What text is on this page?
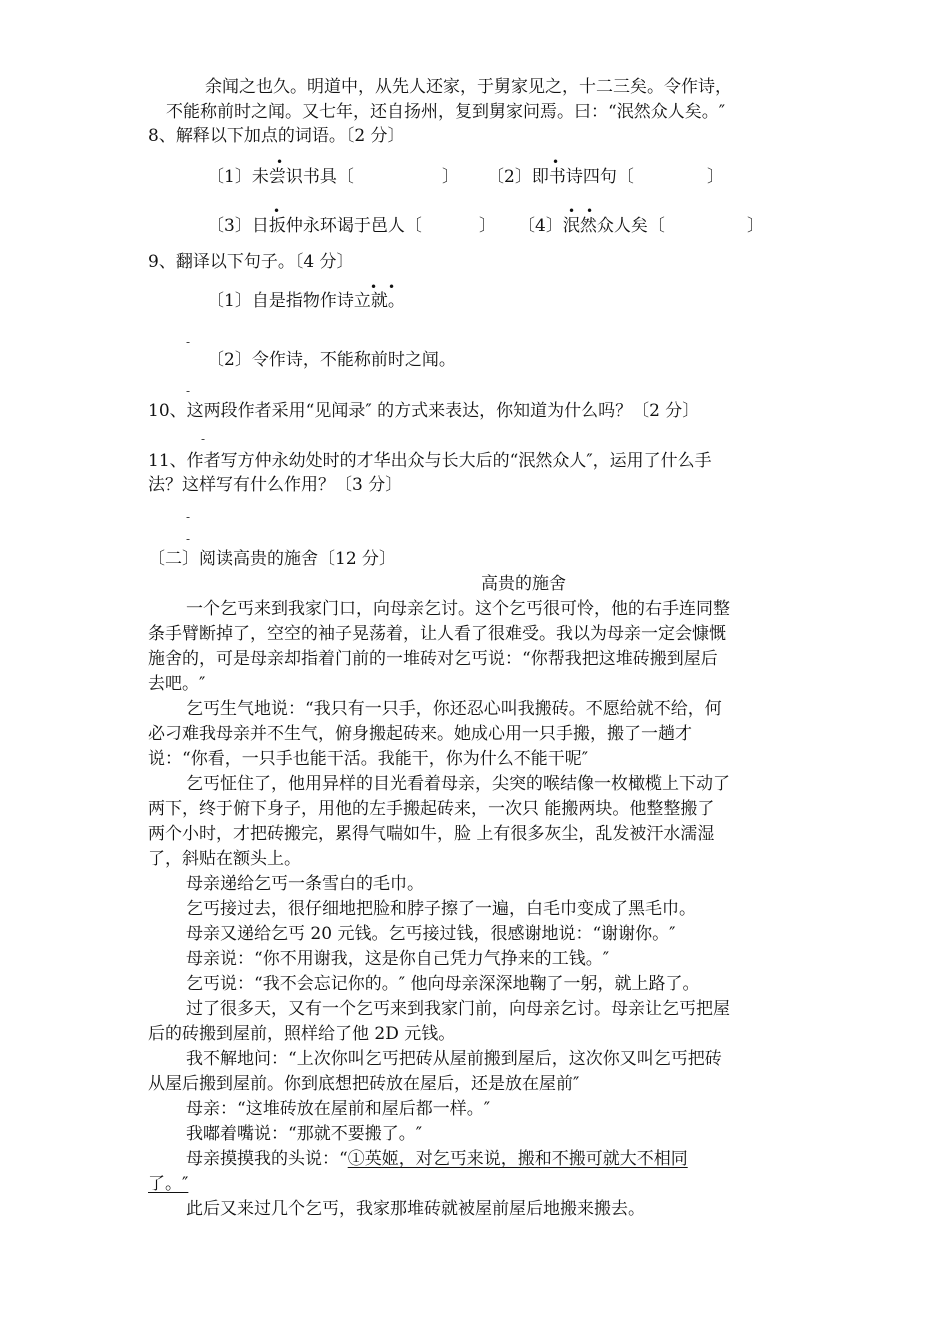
余闻之也久。明道中，从先人还家，于舅家见之，十二三矣。令作诗，
不能称前时之闻。又七年，还自扬州，复到舅家问焉。曰：“泯然众人矣。″
8、解释以下加点的词语。〔2 分〕
•	•
〔1〕未尝识书具〔	〕 〔2〕即书诗四句〔	〕
•	• •
〔3〕日扳仲永环谒于邑人〔	〕 〔4〕泯然众人矣〔	〕
9、翻译以下句子。〔4 分〕
• •
〔1〕自是指物作诗立就。
-
〔2〕令作诗，不能称前时之闻。
-
10、这两段作者采用“见闻录″ 的方式来表达，你知道为什么吗？〔2 分〕
-
11、作者写方仲永幼处时的才华出众与长大后的“泯然众人″，运用了什么手
法？这样写有什么作用？〔3 分〕
-
-
〔二〕阅读高贵的施舍〔12 分〕
高贵的施舍
一个乞丐来到我家门口，向母亲乞讨。这个乞丐很可怜，他的右手连同整
条手臂断掉了，空空的袖子晃荡着，让人看了很难受。我以为母亲一定会慷慨
施舍的，可是母亲却指着门前的一堆砖对乞丐说：“你帮我把这堆砖搬到屋后
去吧。″
乞丐生气地说：“我只有一只手，你还忍心叫我搬砖。不愿给就不给，何
必刁难我母亲并不生气，俯身搬起砖来。她成心用一只手搬，搬了一趟才
说：“你看，一只手也能干活。我能干，你为什么不能干呢″
乞丐怔住了，他用异样的目光看着母亲，尖突的喉结像一枚橄榄上下动了
两下，终于俯下身子，用他的左手搬起砖来，一次只 能搬两块。他整整搬了
两个小时，才把砖搬完，累得气喘如牛，脸 上有很多灰尘，乱发被汗水濡湿
了，斜贴在额头上。
母亲递给乞丐一条雪白的毛巾。
乞丐接过去，很仔细地把脸和脖子擦了一遍，白毛巾变成了黑毛巾。
母亲又递给乞丐 20 元钱。乞丐接过钱，很感谢地说：“谢谢你。″
母亲说：“你不用谢我，这是你自己凭力气挣来的工钱。″
乞丐说：“我不会忘记你的。″ 他向母亲深深地鞠了一躬，就上路了。
过了很多天，又有一个乞丐来到我家门前，向母亲乞讨。母亲让乞丐把屋
后的砖搬到屋前，照样给了他 2D 元钱。
我不解地问：“上次你叫乞丐把砖从屋前搬到屋后，这次你又叫乞丐把砖
从屋后搬到屋前。你到底想把砖放在屋后，还是放在屋前″
母亲：“这堆砖放在屋前和屋后都一样。″
我嘟着嘴说：“那就不要搬了。″
母亲摸摸我的头说：“①英姬，对乞丐来说，搬和不搬可就大不相同
了。″
此后又来过几个乞丐，我家那堆砖就被屋前屋后地搬来搬去。
